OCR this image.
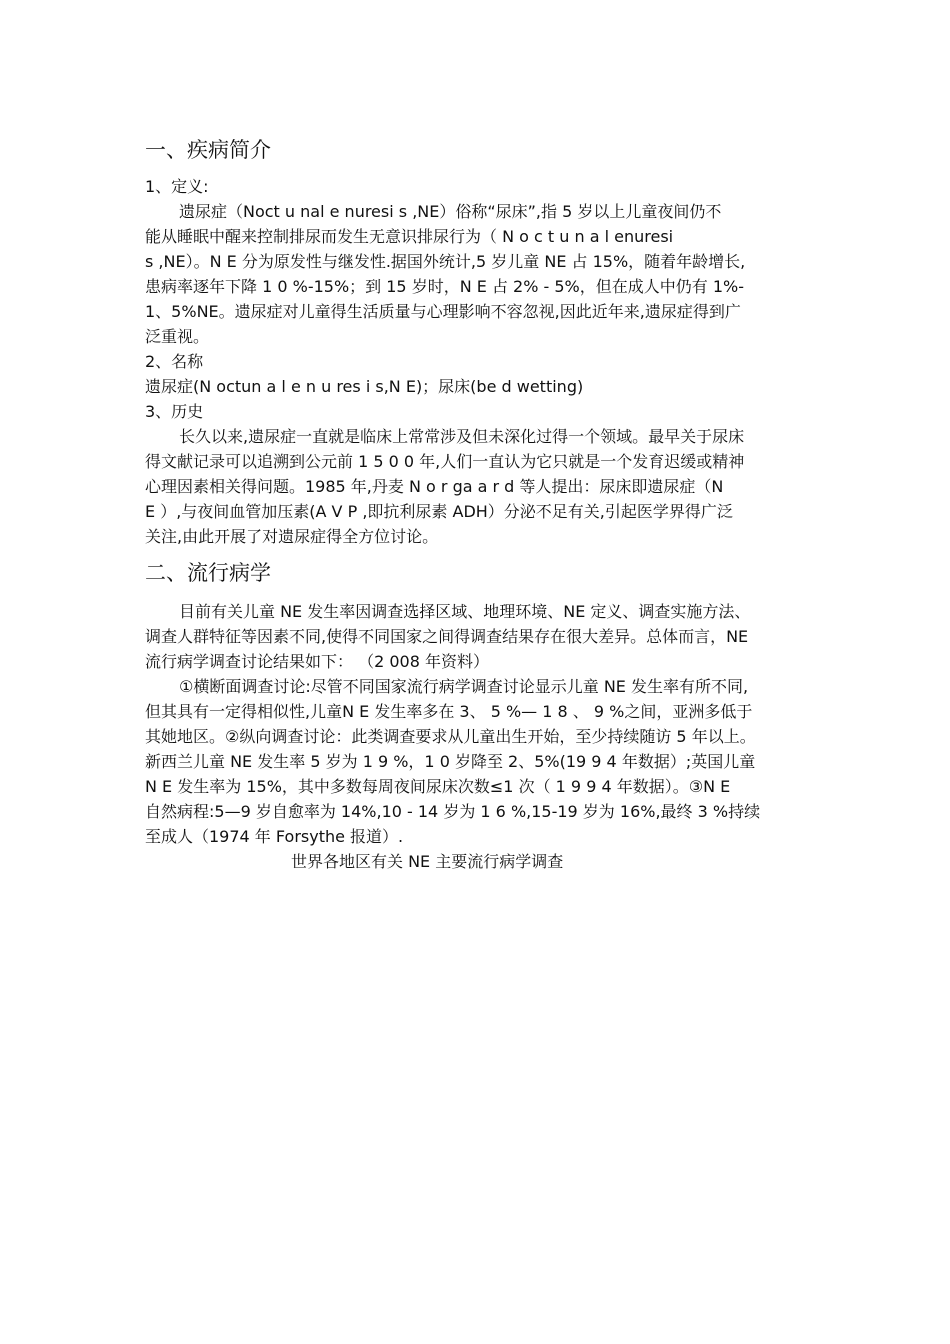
一、疾病简介
1、定义:
遗尿症（Noct u nal e nuresi s ,NE）俗称“尿床”,指 5 岁以上儿童夜间仍不
能从睡眠中醒来控制排尿而发生无意识排尿行为（ N o c t u n a l enuresi
s ,NE）。N E 分为原发性与继发性.据国外统计,5 岁儿童 NE 占 15%，随着年龄增长,
患病率逐年下降 1 0 %-15%；到 15 岁时，N E 占 2% - 5%，但在成人中仍有 1%-
1、5%NE。遗尿症对儿童得生活质量与心理影响不容忽视,因此近年来,遗尿症得到广
泛重视。
2、名称
遗尿症(N octun a l e n u res i s,N E)；尿床(be d wetting)
3、历史
长久以来,遗尿症一直就是临床上常常涉及但未深化过得一个领域。最早关于尿床
得文献记录可以追溯到公元前 1 5 0 0 年,人们一直认为它只就是一个发育迟缓或精神
心理因素相关得问题。1985 年,丹麦 N o r ga a r d 等人提出：尿床即遗尿症（N
E ）,与夜间血管加压素(A V P ,即抗利尿素 ADH）分泌不足有关,引起医学界得广泛
关注,由此开展了对遗尿症得全方位讨论。
二、流行病学
目前有关儿童 NE 发生率因调查选择区域、地理环境、NE 定义、调查实施方法、
调查人群特征等因素不同,使得不同国家之间得调查结果存在很大差异。总体而言，NE
流行病学调查讨论结果如下： （2 008 年资料）
①横断面调查讨论:尽管不同国家流行病学调查讨论显示儿童 NE 发生率有所不同,
但其具有一定得相似性,儿童N E 发生率多在 3、 5 %— 1 8 、 9 %之间，亚洲多低于
其她地区。②纵向调查讨论：此类调查要求从儿童出生开始，至少持续随访 5 年以上。
新西兰儿童 NE 发生率 5 岁为 1 9 %，1 0 岁降至 2、5%(19 9 4 年数据）;英国儿童
N E 发生率为 15%，其中多数每周夜间尿床次数≤1 次（ 1 9 9 4 年数据）。③N E
自然病程:5—9 岁自愈率为 14%,10 - 14 岁为 1 6 %,15-19 岁为 16%,最终 3 %持续
至成人（1974 年 Forsythe 报道）.
世界各地区有关 NE 主要流行病学调查
